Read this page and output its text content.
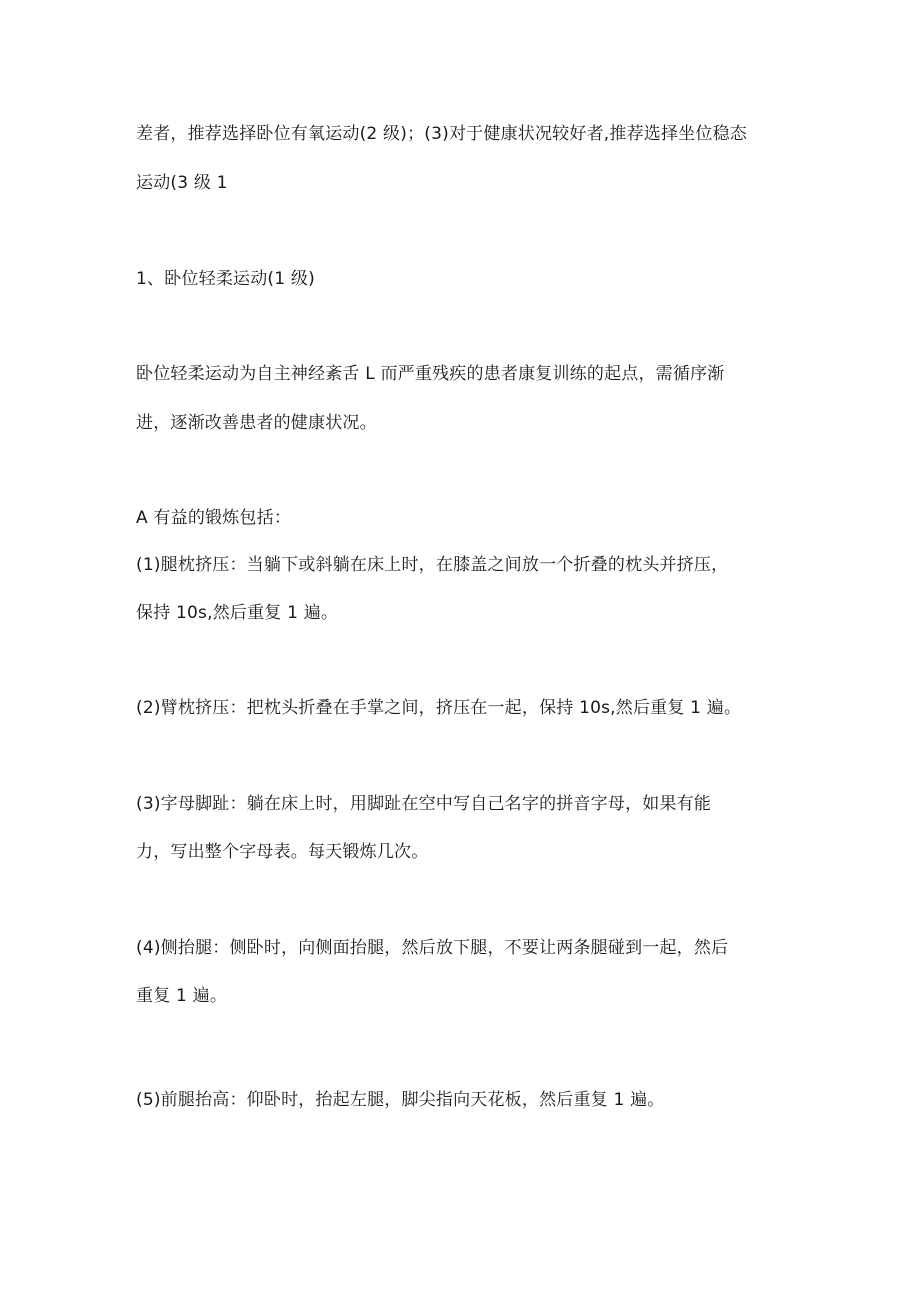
差者，推荐选择卧位有氧运动(2 级)；(3)对于健康状况较好者,推荐选择坐位稳态

运动(3 级 1

1、卧位轻柔运动(1 级)

卧位轻柔运动为自主神经紊舌 L 而严重残疾的患者康复训练的起点，需循序渐

进，逐渐改善患者的健康状况。

A 有益的锻炼包括：

(1)腿枕挤压：当躺下或斜躺在床上时，在膝盖之间放一个折叠的枕头并挤压，

保持 10s,然后重复 1 遍。

(2)臂枕挤压：把枕头折叠在手掌之间，挤压在一起，保持 10s,然后重复 1 遍。

(3)字母脚趾：躺在床上时，用脚趾在空中写自己名字的拼音字母，如果有能

力，写出整个字母表。每天锻炼几次。

(4)侧抬腿：侧卧时，向侧面抬腿，然后放下腿，不要让两条腿碰到一起，然后

重复 1 遍。

(5)前腿抬高：仰卧时，抬起左腿，脚尖指向天花板，然后重复 1 遍。
